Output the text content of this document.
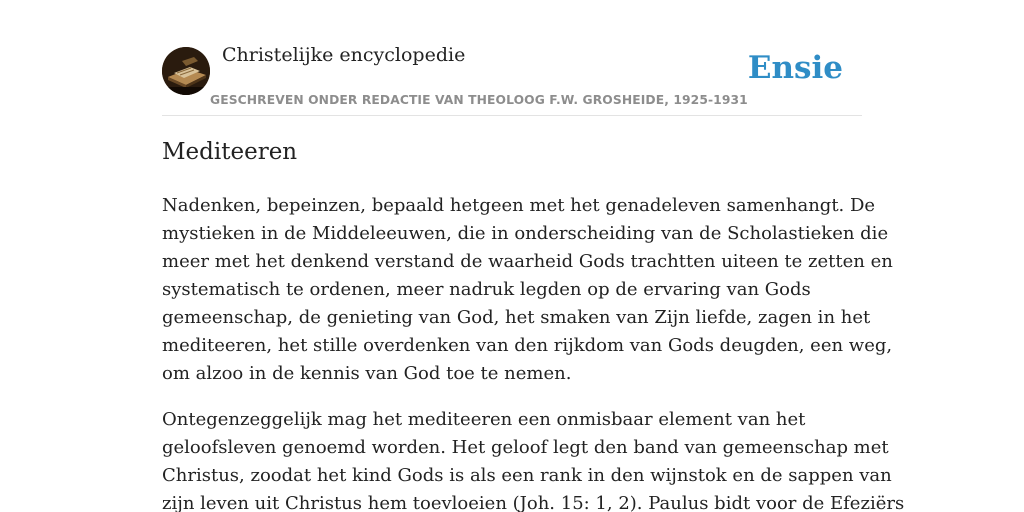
Christelijke encyclopedie
GESCHREVEN ONDER REDACTIE VAN THEOLOOG F.W. GROSHEIDE, 1925-1931
Ensie
Mediteeren

Nadenken, bepeinzen, bepaald hetgeen met het genadeleven samenhangt. De
mystieken in de Middeleeuwen, die in onderscheiding van de Scholastieken die
meer met het denkend verstand de waarheid Gods trachtten uiteen te zetten en
systematisch te ordenen, meer nadruk legden op de ervaring van Gods
gemeenschap, de genieting van God, het smaken van Zijn liefde, zagen in het
mediteeren, het stille overdenken van den rijkdom van Gods deugden, een weg,
om alzoo in de kennis van God toe te nemen.

Ontegenzeggelijk mag het mediteeren een onmisbaar element van het
geloofsleven genoemd worden. Het geloof legt den band van gemeenschap met
Christus, zoodat het kind Gods is als een rank in den wijnstok en de sappen van
zijn leven uit Christus hem toevloeien (Joh. 15: 1, 2). Paulus bidt voor de Efeziërs
